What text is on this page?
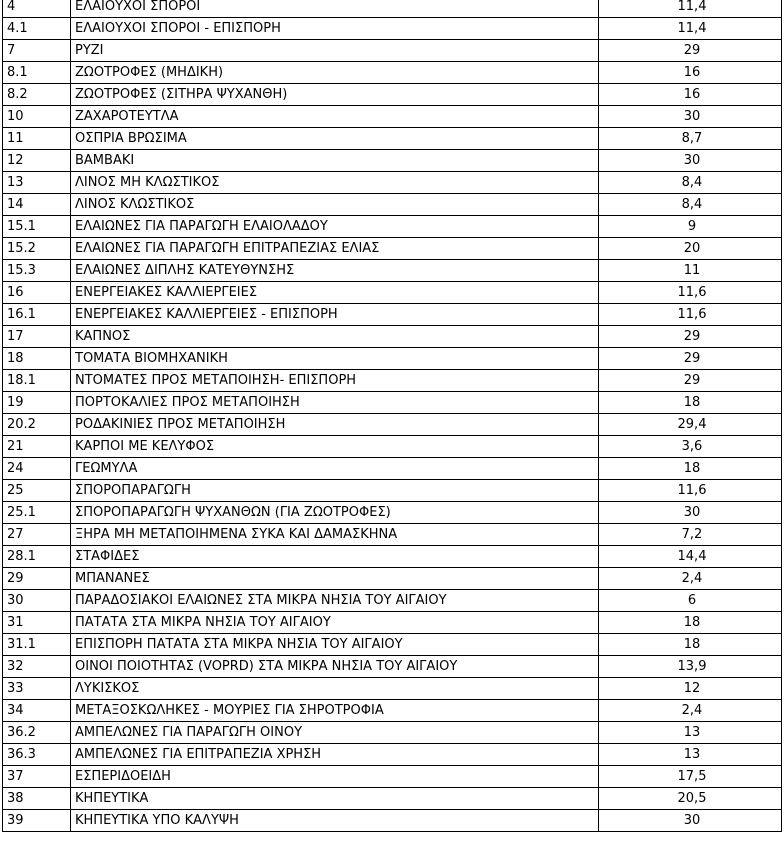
4	ΕΛΑΙΟΥΧΟΙ ΣΠΟΡΟΙ	11,4
4.1	ΕΛΑΙΟΥΧΟΙ ΣΠΟΡΟΙ - ΕΠΙΣΠΟΡΗ	11,4
7	ΡΥΖΙ	29
8.1	ΖΩΟΤΡΟΦΕΣ (ΜΗΔΙΚΗ)	16
8.2	ΖΩΟΤΡΟΦΕΣ (ΣΙΤΗΡΑ ΨΥΧΑΝΘΗ)	16
10	ΖΑΧΑΡΟΤΕΥΤΛΑ	30
11	ΟΣΠΡΙΑ ΒΡΩΣΙΜΑ	8,7
12	ΒΑΜΒΑΚΙ	30
13	ΛΙΝΟΣ ΜΗ ΚΛΩΣΤΙΚΟΣ	8,4
14	ΛΙΝΟΣ ΚΛΩΣΤΙΚΟΣ	8,4
15.1	ΕΛΑΙΩΝΕΣ ΓΙΑ ΠΑΡΑΓΩΓΗ ΕΛΑΙΟΛΑΔΟΥ	9
15.2	ΕΛΑΙΩΝΕΣ ΓΙΑ ΠΑΡΑΓΩΓΗ ΕΠΙΤΡΑΠΕΖΙΑΣ ΕΛΙΑΣ	20
15.3	ΕΛΑΙΩΝΕΣ ΔΙΠΛΗΣ ΚΑΤΕΥΘΥΝΣΗΣ	11
16	ΕΝΕΡΓΕΙΑΚΕΣ ΚΑΛΛΙΕΡΓΕΙΕΣ	11,6
16.1	ΕΝΕΡΓΕΙΑΚΕΣ ΚΑΛΛΙΕΡΓΕΙΕΣ - ΕΠΙΣΠΟΡΗ	11,6
17	ΚΑΠΝΟΣ	29
18	ΤΟΜΑΤΑ ΒΙΟΜΗΧΑΝΙΚΗ	29
18.1	ΝΤΟΜΑΤΕΣ ΠΡΟΣ ΜΕΤΑΠΟΙΗΣΗ- ΕΠΙΣΠΟΡΗ	29
19	ΠΟΡΤΟΚΑΛΙΕΣ ΠΡΟΣ ΜΕΤΑΠΟΙΗΣΗ	18
20.2	ΡΟΔΑΚΙΝΙΕΣ ΠΡΟΣ ΜΕΤΑΠΟΙΗΣΗ	29,4
21	ΚΑΡΠΟΙ ΜΕ ΚΕΛΥΦΟΣ	3,6
24	ΓΕΩΜΥΛΑ	18
25	ΣΠΟΡΟΠΑΡΑΓΩΓΗ	11,6
25.1	ΣΠΟΡΟΠΑΡΑΓΩΓΗ ΨΥΧΑΝΘΩΝ (ΓΙΑ ΖΩΟΤΡΟΦΕΣ)	30
27	ΞΗΡΑ ΜΗ ΜΕΤΑΠΟΙΗΜΕΝΑ ΣΥΚΑ ΚΑΙ ΔΑΜΑΣΚΗΝΑ	7,2
28.1	ΣΤΑΦΙΔΕΣ	14,4
29	ΜΠΑΝΑΝΕΣ	2,4
30	ΠΑΡΑΔΟΣΙΑΚΟΙ ΕΛΑΙΩΝΕΣ ΣΤΑ ΜΙΚΡΑ ΝΗΣΙΑ ΤΟΥ ΑΙΓΑΙΟΥ	6
31	ΠΑΤΑΤΑ ΣΤΑ ΜΙΚΡΑ ΝΗΣΙΑ ΤΟΥ ΑΙΓΑΙΟΥ	18
31.1	ΕΠΙΣΠΟΡΗ ΠΑΤΑΤΑ ΣΤΑ ΜΙΚΡΑ ΝΗΣΙΑ ΤΟΥ ΑΙΓΑΙΟΥ	18
32	ΟΙΝΟΙ ΠΟΙΟΤΗΤΑΣ (VOPRD) ΣΤΑ ΜΙΚΡΑ ΝΗΣΙΑ ΤΟΥ ΑΙΓΑΙΟΥ	13,9
33	ΛΥΚΙΣΚΟΣ	12
34	ΜΕΤΑΞΟΣΚΩΛΗΚΕΣ - ΜΟΥΡΙΕΣ ΓΙΑ ΣΗΡΟΤΡΟΦΙΑ	2,4
36.2	ΑΜΠΕΛΩΝΕΣ ΓΙΑ ΠΑΡΑΓΩΓΗ ΟΙΝΟΥ	13
36.3	ΑΜΠΕΛΩΝΕΣ ΓΙΑ ΕΠΙΤΡΑΠΕΖΙΑ ΧΡΗΣΗ	13
37	ΕΣΠΕΡΙΔΟΕΙΔΗ	17,5
38	ΚΗΠΕΥΤΙΚΑ	20,5
39	ΚΗΠΕΥΤΙΚΑ ΥΠΟ ΚΑΛΥΨΗ	30
